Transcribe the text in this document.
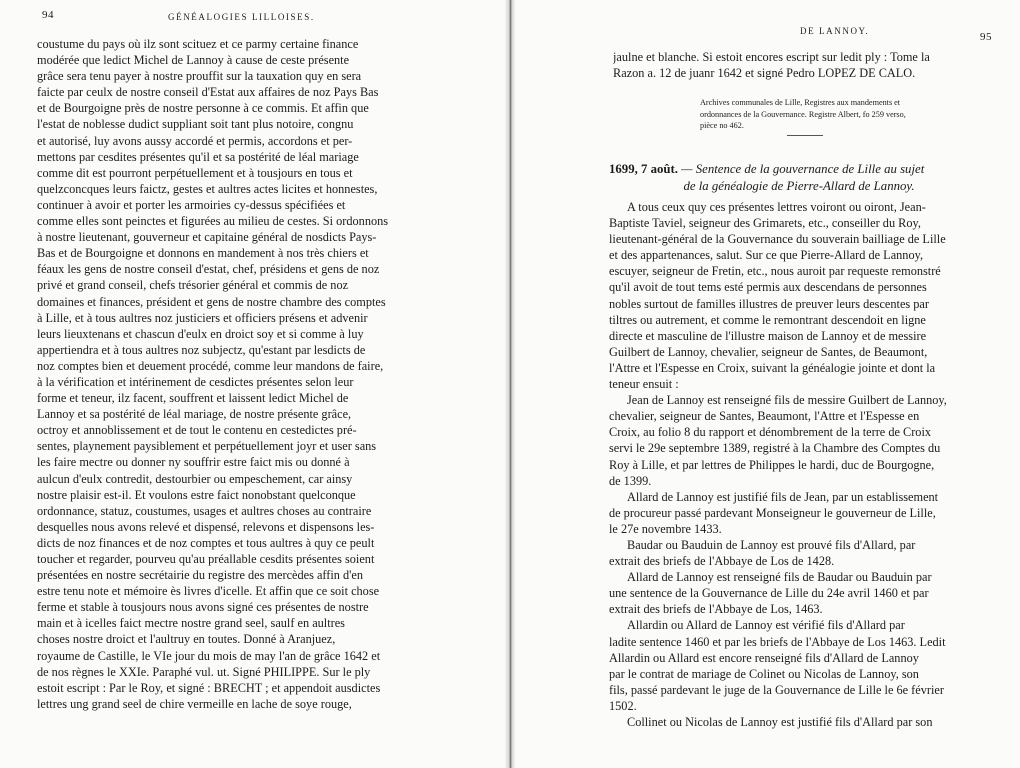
94	GÉNÉALOGIES LILLOISES.
coustume du pays où ilz sont scituez et ce parmy certaine finance
modérée que ledict Michel de Lannoy à cause de ceste présente
grâce sera tenu payer à nostre prouffit sur la tauxation quy en sera
faicte par ceulx de nostre conseil d'Estat aux affaires de noz Pays Bas
et de Bourgoigne près de nostre personne à ce commis. Et affin que
l'estat de noblesse dudict suppliant soit tant plus notoire, congnu
et autorisé, luy avons aussy accordé et permis, accordons et per-
mettons par cesdites présentes qu'il et sa postérité de léal mariage
comme dit est pourront perpétuellement et à tousjours en tous et
quelzconcques leurs faictz, gestes et aultres actes licites et honnestes,
continuer à avoir et porter les armoiries cy-dessus spécifiées et
comme elles sont peinctes et figurées au milieu de cestes. Si ordonnons
à nostre lieutenant, gouverneur et capitaine général de nosdicts Pays-
Bas et de Bourgoigne et donnons en mandement à nos très chiers et
féaux les gens de nostre conseil d'estat, chef, présidens et gens de noz
privé et grand conseil, chefs trésorier général et commis de noz
domaines et finances, président et gens de nostre chambre des comptes
à Lille, et à tous aultres noz justiciers et officiers présens et advenir
leurs lieuxtenans et chascun d'eulx en droict soy et si comme à luy
appertiendra et à tous aultres noz subjectz, qu'estant par lesdicts de
noz comptes bien et deuement procédé, comme leur mandons de faire,
à la vérification et intérinement de cesdictes présentes selon leur
forme et teneur, ilz facent, souffrent et laissent ledict Michel de
Lannoy et sa postérité de léal mariage, de nostre présente grâce,
octroy et annoblissement et de tout le contenu en cestedictes pré-
sentes, playnement paysiblement et perpétuellement joyr et user sans
les faire mectre ou donner ny souffrir estre faict mis ou donné à
aulcun d'eulx contredit, destourbier ou empeschement, car ainsy
nostre plaisir est-il. Et voulons estre faict nonobstant quelconque
ordonnance, statuz, coustumes, usages et aultres choses au contraire
desquelles nous avons relevé et dispensé, relevons et dispensons les-
dicts de noz finances et de noz comptes et tous aultres à quy ce peult
toucher et regarder, pourveu qu'au préallable cesdits présentes soient
présentées en nostre secrétairie du registre des mercèdes affin d'en
estre tenu note et mémoire ès livres d'icelle. Et affin que ce soit chose
ferme et stable à tousjours nous avons signé ces présentes de nostre
main et à icelles faict mectre nostre grand seel, saulf en aultres
choses nostre droict et l'aultruy en toutes. Donné à Aranjuez,
royaume de Castille, le VIe jour du mois de may l'an de grâce 1642 et
de nos règnes le XXIe. Paraphé vul. ut. Signé PHILIPPE. Sur le ply
estoit escript : Par le Roy, et signé : BRECHT ; et appendoit ausdictes
lettres ung grand seel de chire vermeille en lache de soye rouge,
DE LANNOY.	95
jaulne et blanche. Si estoit encores escript sur ledit ply : Tome la
Razon a. 12 de juanr 1642 et signé Pedro LOPEZ DE CALO.
Archives communales de Lille, Registres aux mandements et
ordonnances de la Gouvernance. Registre Albert, fo 259 verso,
pièce no 462.
1699, 7 août. — Sentence de la gouvernance de Lille au sujet
de la généalogie de Pierre-Allard de Lannoy.
A tous ceux quy ces présentes lettres voiront ou oiront, Jean-
Baptiste Taviel, seigneur des Grimarets, etc., conseiller du Roy,
lieutenant-général de la Gouvernance du souverain bailliage de Lille
et des appartenances, salut. Sur ce que Pierre-Allard de Lannoy,
escuyer, seigneur de Fretin, etc., nous auroit par requeste remonstré
qu'il avoit de tout tems esté permis aux descendans de personnes
nobles surtout de familles illustres de preuver leurs descentes par
tiltres ou autrement, et comme le remontrant descendoit en ligne
directe et masculine de l'illustre maison de Lannoy et de messire
Guilbert de Lannoy, chevalier, seigneur de Santes, de Beaumont,
l'Attre et l'Espesse en Croix, suivant la généalogie jointe et dont la
teneur ensuit :
Jean de Lannoy est renseigné fils de messire Guilbert de Lannoy,
chevalier, seigneur de Santes, Beaumont, l'Attre et l'Espesse en
Croix, au folio 8 du rapport et dénombrement de la terre de Croix
servi le 29e septembre 1389, registré à la Chambre des Comptes du
Roy à Lille, et par lettres de Philippes le hardi, duc de Bourgogne,
de 1399.
Allard de Lannoy est justifié fils de Jean, par un establissement
de procureur passé pardevant Monseigneur le gouverneur de Lille,
le 27e novembre 1433.
Baudar ou Bauduin de Lannoy est prouvé fils d'Allard, par
extrait des briefs de l'Abbaye de Los de 1428.
Allard de Lannoy est renseigné fils de Baudar ou Bauduin par
une sentence de la Gouvernance de Lille du 24e avril 1460 et par
extrait des briefs de l'Abbaye de Los, 1463.
Allardin ou Allard de Lannoy est vérifié fils d'Allard par
ladite sentence 1460 et par les briefs de l'Abbaye de Los 1463. Ledit
Allardin ou Allard est encore renseigné fils d'Allard de Lannoy
par le contrat de mariage de Colinet ou Nicolas de Lannoy, son
fils, passé pardevant le juge de la Gouvernance de Lille le 6e février
1502.
Collinet ou Nicolas de Lannoy est justifié fils d'Allard par son
